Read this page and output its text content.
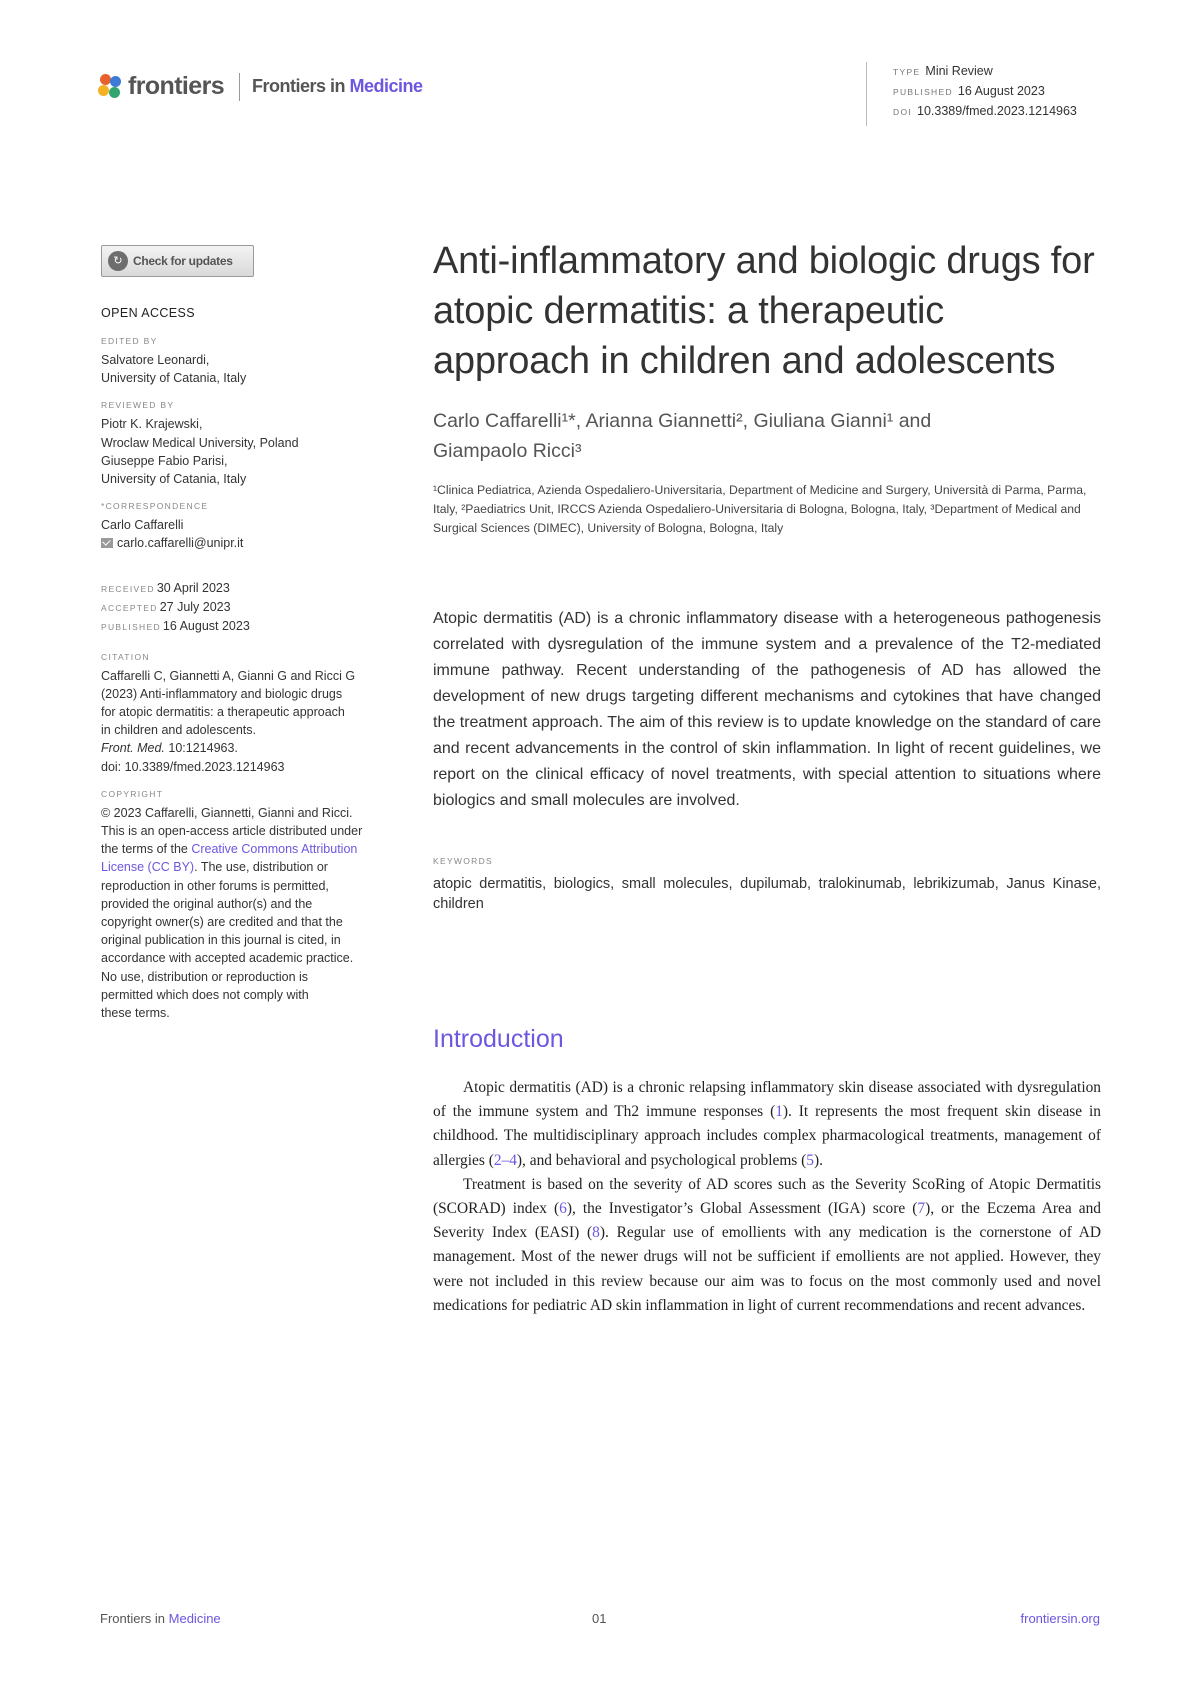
frontiers Frontiers in Medicine
TYPE Mini Review
PUBLISHED 16 August 2023
DOI 10.3389/fmed.2023.1214963
↻ Check for updates
OPEN ACCESS
EDITED BY
Salvatore Leonardi,
University of Catania, Italy
REVIEWED BY
Piotr K. Krajewski,
Wroclaw Medical University, Poland
Giuseppe Fabio Parisi,
University of Catania, Italy
*CORRESPONDENCE
Carlo Caffarelli
carlo.caffarelli@unipr.it
RECEIVED 30 April 2023
ACCEPTED 27 July 2023
PUBLISHED 16 August 2023
CITATION
Caffarelli C, Giannetti A, Gianni G and Ricci G
(2023) Anti-inflammatory and biologic drugs
for atopic dermatitis: a therapeutic approach
in children and adolescents.
Front. Med. 10:1214963.
doi: 10.3389/fmed.2023.1214963
COPYRIGHT
© 2023 Caffarelli, Giannetti, Gianni and Ricci.
This is an open-access article distributed under
the terms of the Creative Commons Attribution
License (CC BY). The use, distribution or
reproduction in other forums is permitted,
provided the original author(s) and the
copyright owner(s) are credited and that the
original publication in this journal is cited, in
accordance with accepted academic practice.
No use, distribution or reproduction is
permitted which does not comply with
these terms.
Anti-inflammatory and biologic drugs for atopic dermatitis: a therapeutic approach in children and adolescents
Carlo Caffarelli¹*, Arianna Giannetti², Giuliana Gianni¹ and
Giampaolo Ricci³
¹Clinica Pediatrica, Azienda Ospedaliero-Universitaria, Department of Medicine and Surgery, Università di Parma, Parma, Italy, ²Paediatrics Unit, IRCCS Azienda Ospedaliero-Universitaria di Bologna, Bologna, Italy, ³Department of Medical and Surgical Sciences (DIMEC), University of Bologna, Bologna, Italy
Atopic dermatitis (AD) is a chronic inflammatory disease with a heterogeneous pathogenesis correlated with dysregulation of the immune system and a prevalence of the T2-mediated immune pathway. Recent understanding of the pathogenesis of AD has allowed the development of new drugs targeting different mechanisms and cytokines that have changed the treatment approach. The aim of this review is to update knowledge on the standard of care and recent advancements in the control of skin inflammation. In light of recent guidelines, we report on the clinical efficacy of novel treatments, with special attention to situations where biologics and small molecules are involved.
KEYWORDS
atopic dermatitis, biologics, small molecules, dupilumab, tralokinumab, lebrikizumab, Janus Kinase, children
Introduction

Atopic dermatitis (AD) is a chronic relapsing inflammatory skin disease associated with dysregulation of the immune system and Th2 immune responses (1). It represents the most frequent skin disease in childhood. The multidisciplinary approach includes complex pharmacological treatments, management of allergies (2–4), and behavioral and psychological problems (5).

Treatment is based on the severity of AD scores such as the Severity ScoRing of Atopic Dermatitis (SCORAD) index (6), the Investigator’s Global Assessment (IGA) score (7), or the Eczema Area and Severity Index (EASI) (8). Regular use of emollients with any medication is the cornerstone of AD management. Most of the newer drugs will not be sufficient if emollients are not applied. However, they were not included in this review because our aim was to focus on the most commonly used and novel medications for pediatric AD skin inflammation in light of current recommendations and recent advances.

Frontiers in Medicine	01	frontiersin.org
